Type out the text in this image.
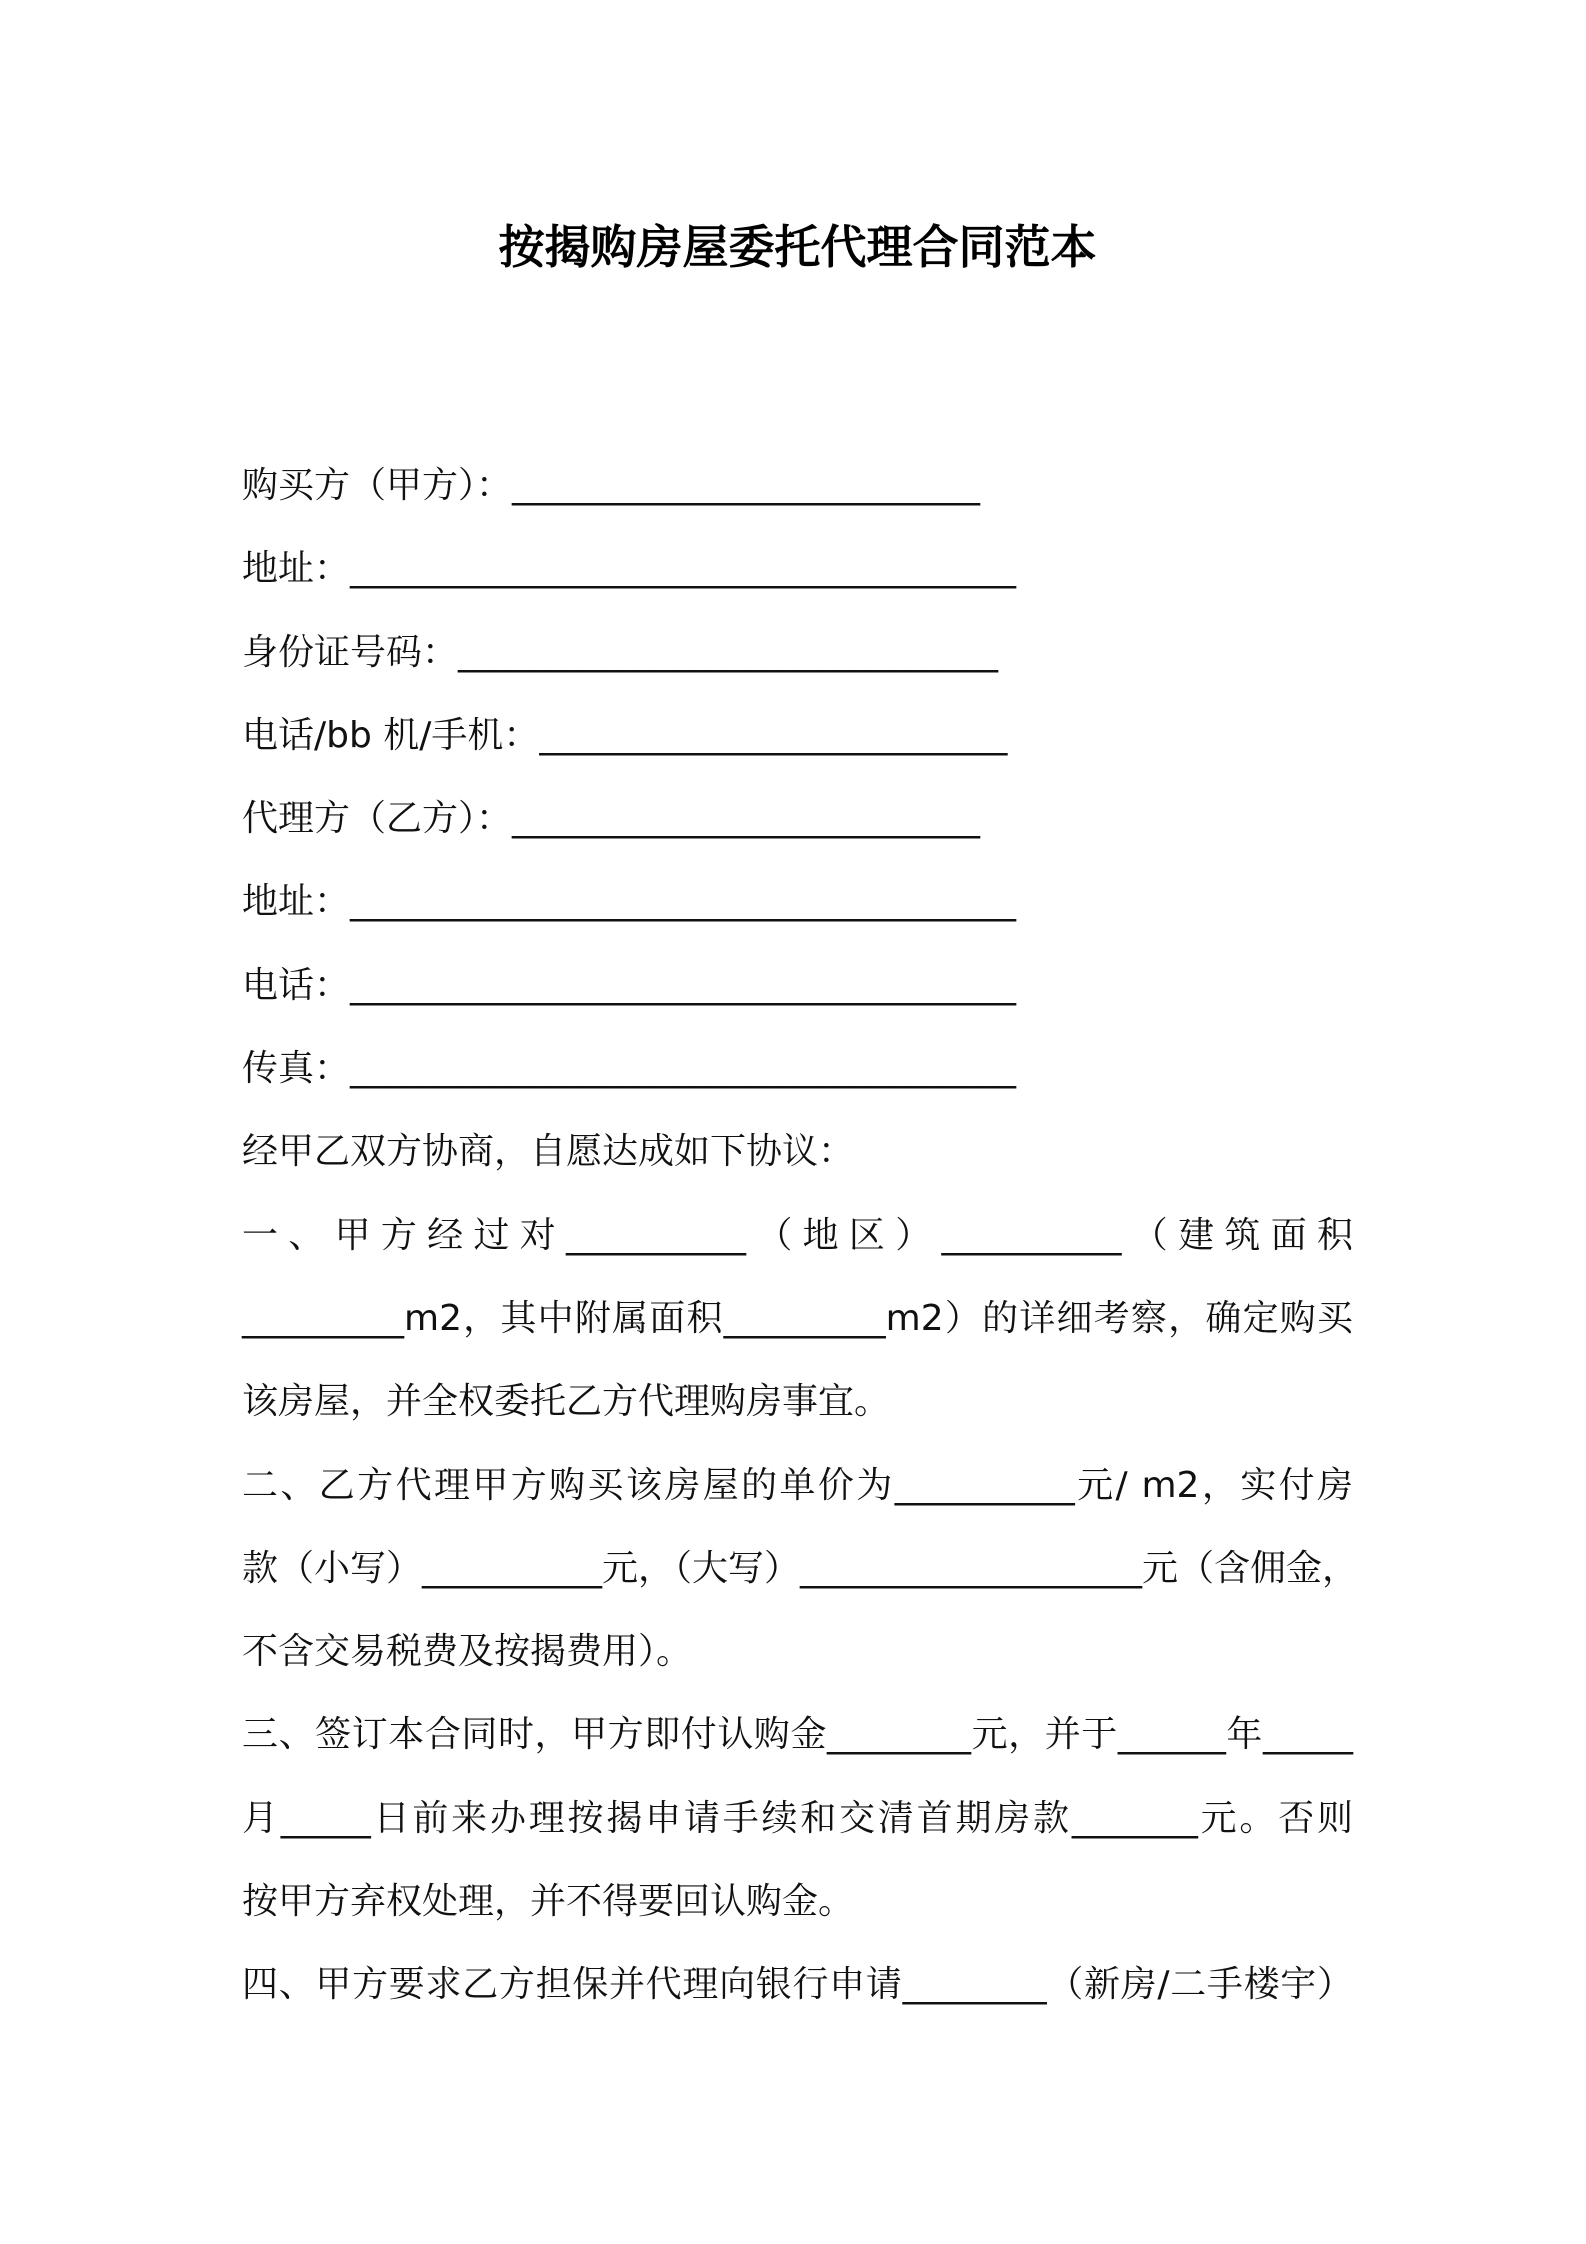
按揭购房屋委托代理合同范本
购买方（甲方）：__________________________
地址：_____________________________________
身份证号码：______________________________
电话/bb 机/手机：__________________________
代理方（乙方）：__________________________
地址：_____________________________________
电话：_____________________________________
传真：_____________________________________
经甲乙双方协商，自愿达成如下协议：
一、甲方经过对__________（地区）__________（建筑面积
_________m2，其中附属面积_________m2）的详细考察，确定购买
该房屋，并全权委托乙方代理购房事宜。
二、乙方代理甲方购买该房屋的单价为__________元/ m2，实付房
款（小写）__________元，（大写）___________________元（含佣金，
不含交易税费及按揭费用）。
三、签订本合同时，甲方即付认购金________元，并于______年_____
月_____日前来办理按揭申请手续和交清首期房款_______元。否则
按甲方弃权处理，并不得要回认购金。
四、甲方要求乙方担保并代理向银行申请________（新房/二手楼宇）
